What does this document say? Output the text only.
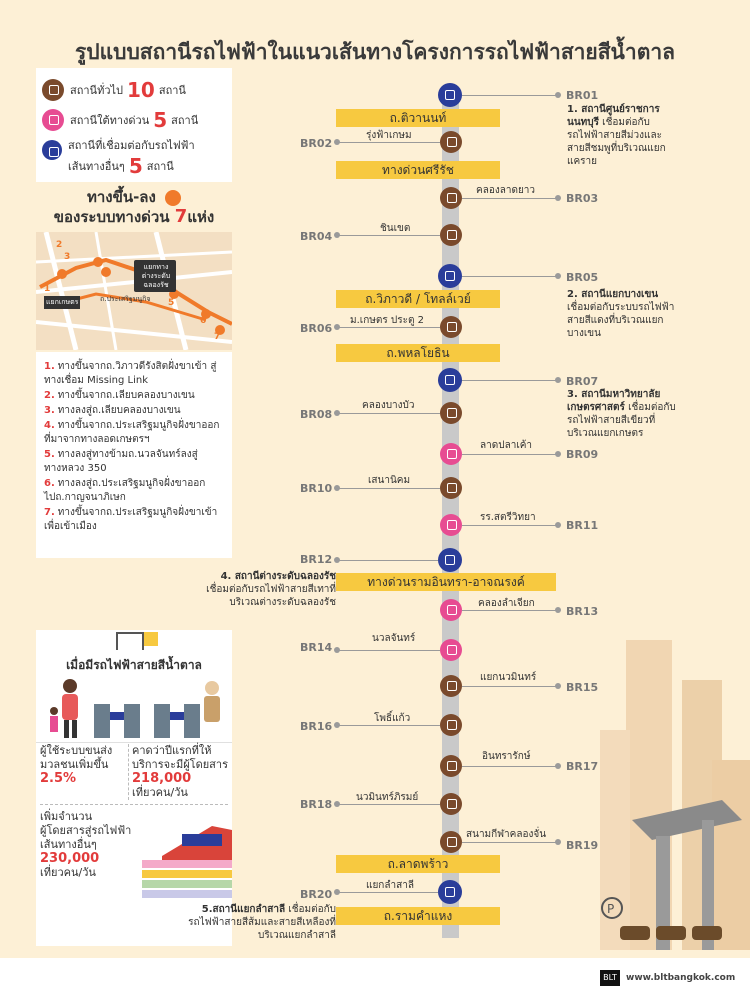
รูปแบบสถานีรถไฟฟ้าในแนวเส้นทางโครงการรถไฟฟ้าสายสีน้ำตาล
สถานีทั่วไป 10 สถานี
สถานีใต้ทางด่วน 5 สถานี
สถานีที่เชื่อมต่อกับรถไฟฟ้า
เส้นทางอื่นๆ 5 สถานี
ทางขึ้น-ลง
ของระบบทางด่วน 7แห่ง
แยกทาง
ต่างระดับ
ฉลองรัช
แยกเกษตร	ถ.ประเสริฐมนูกิจ
2
3
1
4
5
6
7
1. ทางขึ้นจากถ.วิภาวดีรังสิตฝั่งขาเข้า สู่ทางเชื่อม Missing Link
2. ทางขึ้นจากถ.เลียบคลองบางเขน
3. ทางลงสู่ถ.เลียบคลองบางเขน
4. ทางขึ้นจากถ.ประเสริฐมนูกิจฝั่งขาออกที่มาจากทางลอดเกษตรฯ
5. ทางลงสู่ทางข้ามถ.นวลจันทร์ลงสู่ทางหลวง 350
6. ทางลงสู่ถ.ประเสริฐมนูกิจฝั่งขาออกไปถ.กาญจนาภิเษก
7. ทางขึ้นจากถ.ประเสริฐมนูกิจฝั่งขาเข้าเพื่อเข้าเมือง
เมื่อมีรถไฟฟ้าสายสีน้ำตาล
ผู้ใช้ระบบขนส่ง
มวลชนเพิ่มขึ้น
2.5%
คาดว่าปีแรกที่ให้
บริการจะมีผู้โดยสาร
218,000
เที่ยวคน/วัน
เพิ่มจำนวน
ผู้โดยสารสู่รถไฟฟ้า
เส้นทางอื่นๆ
230,000
เที่ยวคน/วัน
ถ.ติวานนท์
ทางด่วนศรีรัช
ถ.วิภาวดี / โทลล์เวย์
ถ.พหลโยธิน
ทางด่วนรามอินทรา-อาจณรงค์
ถ.ลาดพร้าว
ถ.รามคำแหง
BR01
1. สถานีศูนย์ราชการนนทบุรี เชื่อมต่อกับรถไฟฟ้าสายสีม่วงและสายสีชมพูที่บริเวณแยกแคราย
BR02
รุ่งฟ้าเกษม
BR03
คลองลาดยาว
BR04
ชินเขต
BR05
2. สถานีแยกบางเขน เชื่อมต่อกับระบบรถไฟฟ้าสายสีแดงที่บริเวณแยกบางเขน
BR06
ม.เกษตร ประตู 2
BR07
3. สถานีมหาวิทยาลัยเกษตรศาสตร์ เชื่อมต่อกับรถไฟฟ้าสายสีเขียวที่บริเวณแยกเกษตร
BR08
คลองบางบัว
BR09
ลาดปลาเค้า
BR10
เสนานิคม
BR11
รร.สตรีวิทยา
BR12
4. สถานีต่างระดับฉลองรัช เชื่อมต่อกับรถไฟฟ้าสายสีเทาที่บริเวณต่างระดับฉลองรัช
BR13
คลองลำเจียก
BR14
นวลจันทร์
BR15
แยกนวมินทร์
BR16
โพธิ์แก้ว
BR17
อินทรารักษ์
BR18
นวมินทร์ภิรมย์
BR19
สนามกีฬาคลองจั่น
BR20
แยกลำสาลี
5.สถานีแยกลำสาลี เชื่อมต่อกับรถไฟฟ้าสายสีส้มและสายสีเหลืองที่บริเวณแยกลำสาลี
P
BLT	www.bltbangkok.com
